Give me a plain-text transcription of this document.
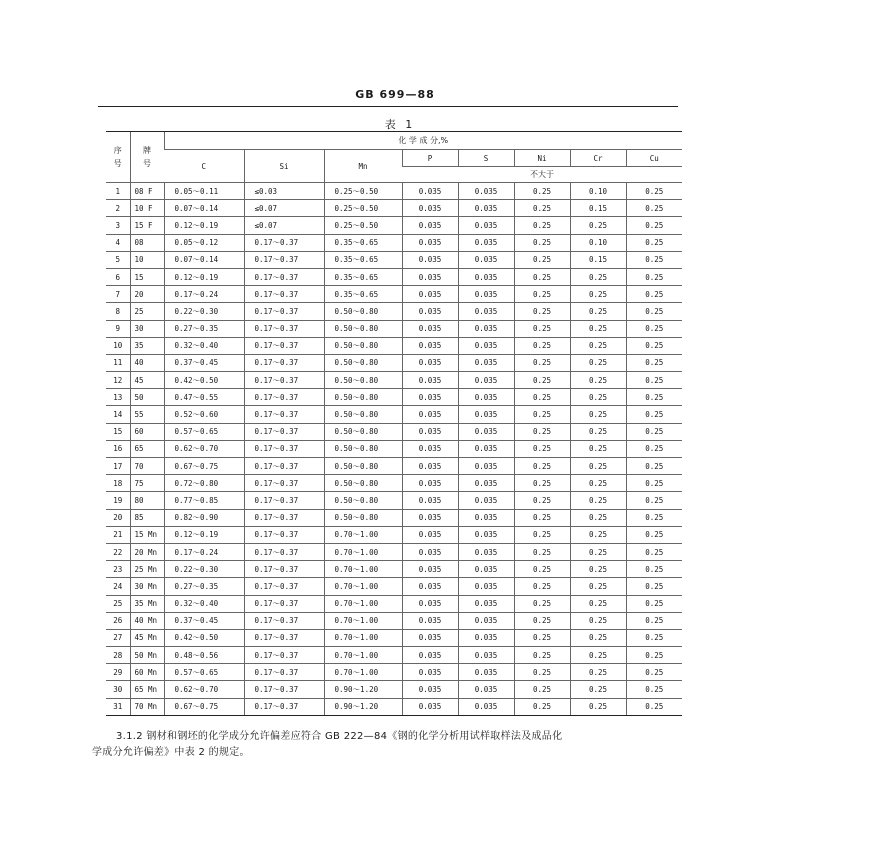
GB 699—88
表 1
序
号	牌
号	化 学 成 分,%							
		C	Si	Mn	P	S	Ni	Cr	Cu
					不大于				
1	08 F	0.05～0.11	≤0.03	0.25～0.50	0.035	0.035	0.25	0.10	0.25
2	10 F	0.07～0.14	≤0.07	0.25～0.50	0.035	0.035	0.25	0.15	0.25
3	15 F	0.12～0.19	≤0.07	0.25～0.50	0.035	0.035	0.25	0.25	0.25
4	08	0.05～0.12	0.17～0.37	0.35～0.65	0.035	0.035	0.25	0.10	0.25
5	10	0.07～0.14	0.17～0.37	0.35～0.65	0.035	0.035	0.25	0.15	0.25
6	15	0.12～0.19	0.17～0.37	0.35～0.65	0.035	0.035	0.25	0.25	0.25
7	20	0.17～0.24	0.17～0.37	0.35～0.65	0.035	0.035	0.25	0.25	0.25
8	25	0.22～0.30	0.17～0.37	0.50～0.80	0.035	0.035	0.25	0.25	0.25
9	30	0.27～0.35	0.17～0.37	0.50～0.80	0.035	0.035	0.25	0.25	0.25
10	35	0.32～0.40	0.17～0.37	0.50～0.80	0.035	0.035	0.25	0.25	0.25
11	40	0.37～0.45	0.17～0.37	0.50～0.80	0.035	0.035	0.25	0.25	0.25
12	45	0.42～0.50	0.17～0.37	0.50～0.80	0.035	0.035	0.25	0.25	0.25
13	50	0.47～0.55	0.17～0.37	0.50～0.80	0.035	0.035	0.25	0.25	0.25
14	55	0.52～0.60	0.17～0.37	0.50～0.80	0.035	0.035	0.25	0.25	0.25
15	60	0.57～0.65	0.17～0.37	0.50～0.80	0.035	0.035	0.25	0.25	0.25
16	65	0.62～0.70	0.17～0.37	0.50～0.80	0.035	0.035	0.25	0.25	0.25
17	70	0.67～0.75	0.17～0.37	0.50～0.80	0.035	0.035	0.25	0.25	0.25
18	75	0.72～0.80	0.17～0.37	0.50～0.80	0.035	0.035	0.25	0.25	0.25
19	80	0.77～0.85	0.17～0.37	0.50～0.80	0.035	0.035	0.25	0.25	0.25
20	85	0.82～0.90	0.17～0.37	0.50～0.80	0.035	0.035	0.25	0.25	0.25
21	15 Mn	0.12～0.19	0.17～0.37	0.70～1.00	0.035	0.035	0.25	0.25	0.25
22	20 Mn	0.17～0.24	0.17～0.37	0.70～1.00	0.035	0.035	0.25	0.25	0.25
23	25 Mn	0.22～0.30	0.17～0.37	0.70～1.00	0.035	0.035	0.25	0.25	0.25
24	30 Mn	0.27～0.35	0.17～0.37	0.70～1.00	0.035	0.035	0.25	0.25	0.25
25	35 Mn	0.32～0.40	0.17～0.37	0.70～1.00	0.035	0.035	0.25	0.25	0.25
26	40 Mn	0.37～0.45	0.17～0.37	0.70～1.00	0.035	0.035	0.25	0.25	0.25
27	45 Mn	0.42～0.50	0.17～0.37	0.70～1.00	0.035	0.035	0.25	0.25	0.25
28	50 Mn	0.48～0.56	0.17～0.37	0.70～1.00	0.035	0.035	0.25	0.25	0.25
29	60 Mn	0.57～0.65	0.17～0.37	0.70～1.00	0.035	0.035	0.25	0.25	0.25
30	65 Mn	0.62～0.70	0.17～0.37	0.90～1.20	0.035	0.035	0.25	0.25	0.25
31	70 Mn	0.67～0.75	0.17～0.37	0.90～1.20	0.035	0.035	0.25	0.25	0.25
3.1.2 钢材和钢坯的化学成分允许偏差应符合 GB 222—84《钢的化学分析用试样取样法及成品化
学成分允许偏差》中表 2 的规定。
